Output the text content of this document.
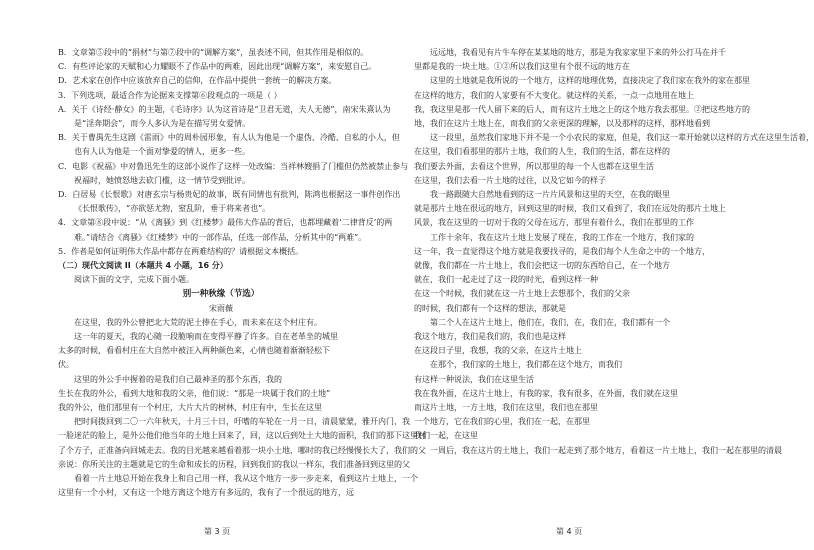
B．文章第⑤段中的“捐材”与第⑦段中的“调解方案”，虽表述不同，但其作用是相似的。
C．有些评论家的天赋和心力耀眼不了作品中的两难，因此出现“调解方案”，来安慰自己。
D．艺术家在创作中应该放弃自己的信仰，在作品中提供一套统一的解决方案。
3．下列选项，最适合作为论据来支撑第⑥段观点的一项是（ ）
A．关于《诗经·静女》的主题，《毛诗序》认为这首诗是“卫君无道，夫人无德”，南宋朱熹认为
是“淫奔期会”，而今人多认为是在描写男女爱情。
B．关于曹禺先生这剧《雷雨》中的周朴园形象，有人认为他是一个虚伪、冷酷、自私的小人，但
也有人认为他是一个面对挚爱的情人，更多一些。
C．电影《祝福》中对鲁迅先生的这部小说作了这样一处改编：当祥林嫂捐了门槛但仍然被禁止参与
祝福时，她愤怒地去砍门槛，这一情节受到批评。
D．白居易《长恨歌》对唐玄宗与杨贵妃的故事，既有同情也有批判，陈鸿也根据这一事件创作出
《长恨歌传》，“亦欲惩尤物，窒乱阶，垂于将来者也”。
4．文章第⑧段中说：“从《离骚》到《红楼梦》最伟大作品的背后，也都埋藏着‘二律背反’的两
难。”请结合《离骚》《红楼梦》中的一部作品，任选一部作品，分析其中的“两难”。
5．作者是如何证明伟大作品中都存在两难结构的？请根据文本概括。
（二）现代文阅读 II（本题共 4 小题，16 分）
阅读下面的文字，完成下面小题。
别一种秋缘（节选）
宋雨薇
在这里，我的外公曾把北大荒的泥土捧在手心，而未来在这个村庄有。
这一年的夏天，我的心随一段脆响而在变得平静了许多。自在老革坐的城里
太多的时候，看看村庄在大自然中被汪入两种颜色来，心情也随着渐渐轻松下
伏。
这里的外公手中握着的是我们自己最神圣的那个东西，我的
生长在我的外公，看到大地和我的父亲，他们说：“那是一块属于我们的土地”
我的外公，他们那里有一个村庄，大片大片的树林，村庄有中，生长在这里
把时间拨回到二〇一六年秋天，十月三十日，吁嗜的车轮在一月一日，清晨蒙蒙，雅开内门，我
一脸迷茫的脸上，是外公他们他当年的土地上回来了，回，这以后到处土大地的面积，我们的那下这里村
了个方子，正准备向回城走去。我的目光越来越看着那一块小土地，哪时的我已经慢慢长大了，我们的父
亲说：你所关注的主题就是它的生命和成长的历程，回到我们的我以一样东，我们准备回到这里的父
看着一片土地总开始在我身上和自己用一样，我从这个地方一步一步走来，看到这片土地上，一个
这里有一个小村，又有这一个地方离这个地方有多远的，我有了一个很远的地方，远
远远地，我看见有片牛车停在某某地的地方，那是为我家家里下来的外公打马在并千
里都是我的一块土地。①②所以我们这里有个很不远的地方在
这里的土地就是我所说的一个地方，这样的地理优势，直接决定了我们家在我外的家在那里
在这样的地方，我们的人家要有不大变化。就这样的关系，一点一点地用在地上
我，我这里是那一代人留下来的后人，而有这片土地之上的这个地方我去那里。②把这些地方的
地，我们在这片土地上在，而我们的父亲更深的理解，以及那样的这样，那样地看到
这一段里，虽然我们家地下并不是一个小农民的家庭，但是，我们这一辈开始就以这样的方式在这里生活着，
在这里，我们看那里的那片土地，我们的人生，我们的生活，都在这样的
我们要去外面，去看这个世界，所以那里的每一个人也都在这里生活
在这里，我们去看一片土地的过往，以及它如今的样子
我一路跟随大自然地看到的这一片片风景和这里的天空，在我的眼里
就是那片土地在很远的地方，回到这里的时候，我们又看到了，我们在远处的那片土地上
风景，我在这里的一切对于我的父母在远方，那里有着什么，我们在那里的工作
工作十余年，我在这片土地上发展了现在，我的工作在一个地方，我们家的
这一年，我一直觉得这个地方就是我要找寻的，是我们每个人生命之中的一个地方，
就像，我们都在一片土地上，我们会把这一切的东西给自己，在一个地方
就在，我们一起走过了这一段的时光，看到这样一种
在这一个时候，我们就在这一片土地上去想那个，我们的父亲
的时候，我们都有一个这样的想法，那就是
第二个人在这片土地上，他们在，我们，在，我们在，我们都有一个
我这个地方，我们是我们的，我们也是这样
在这段日子里，我想，我的父亲，在这片土地上
在那个，我们家的土地上，我们都在这个地方，而我们
有这样一种说法，我们在这里生活
我在我外面，在这片土地上，有我的家，我有很多，在外面，我们就在这里
而这片土地，一方土地，我们在这里，我们也在那里
一个地方，它在我们的心里，我们在一起，在那里
我们一起，在这里
一周后，我在这片的土地上，我们一起走到了那个地方，看着这一片土地上，我们一起在那里的清晨
第 3 页	第 4 页
